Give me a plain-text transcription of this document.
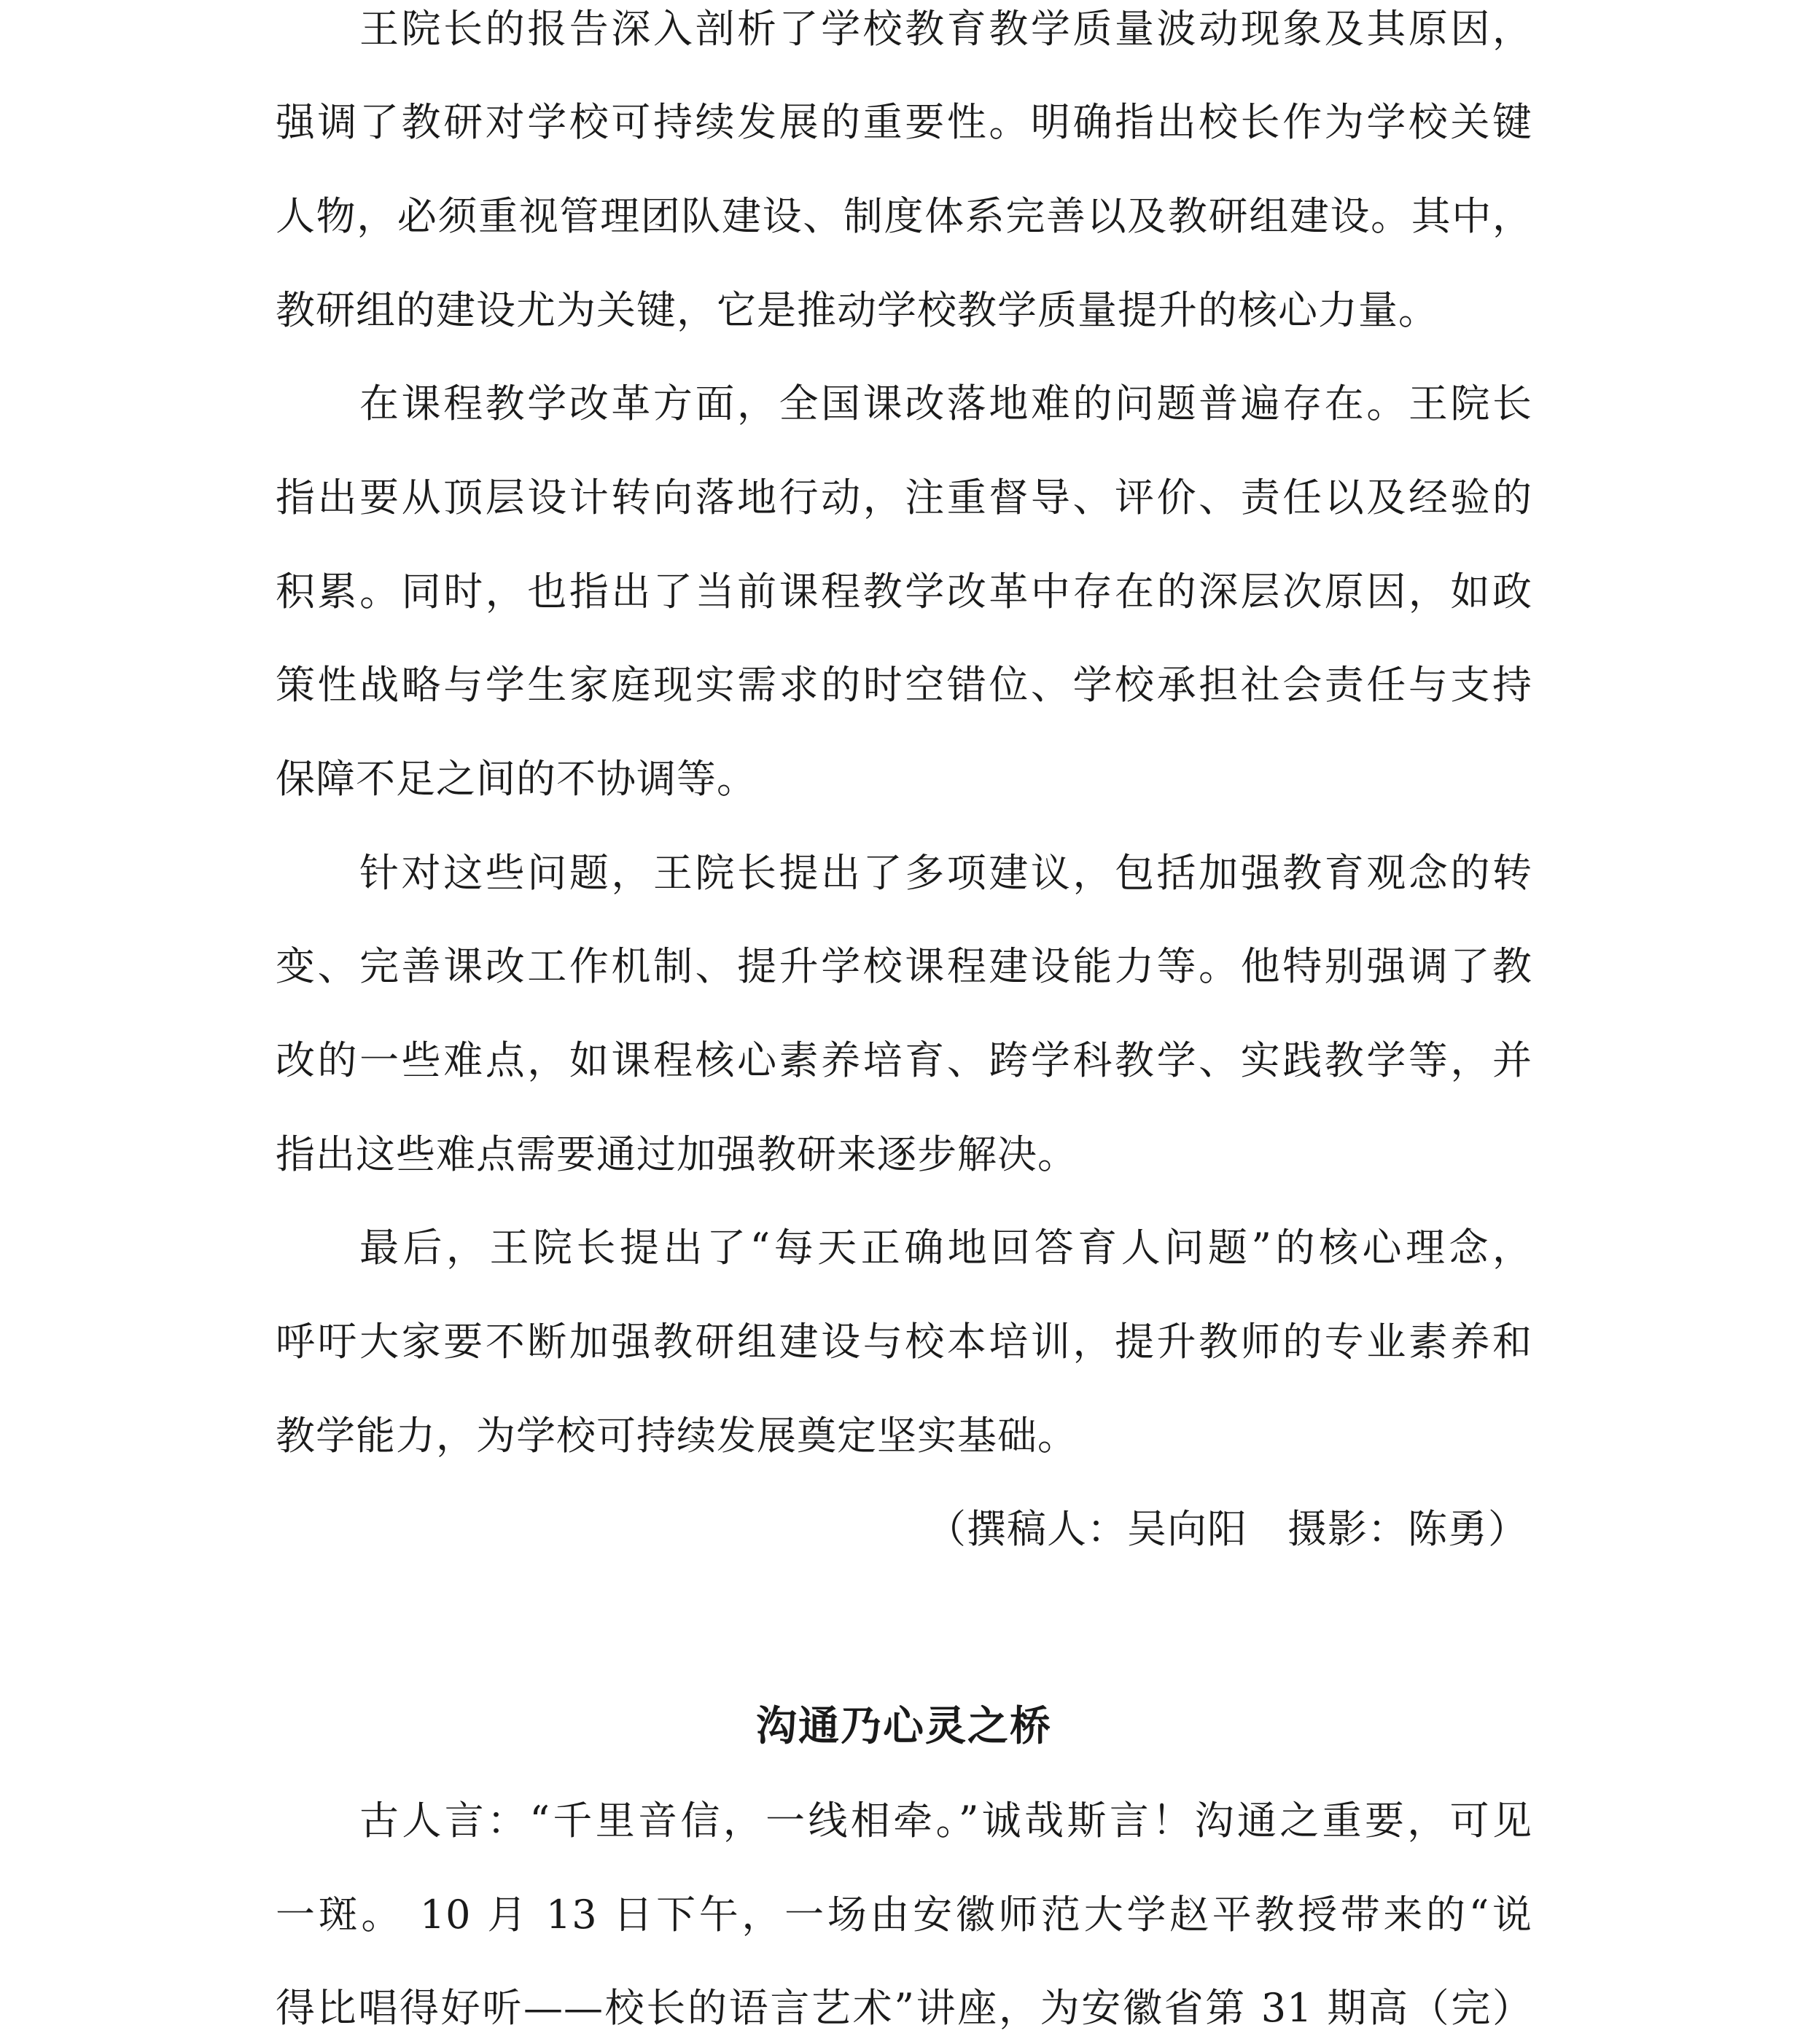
王院长的报告深入剖析了学校教育教学质量波动现象及其原因，
强调了教研对学校可持续发展的重要性。明确指出校长作为学校关键
人物，必须重视管理团队建设、制度体系完善以及教研组建设。其中，
教研组的建设尤为关键，它是推动学校教学质量提升的核心力量。
在课程教学改革方面，全国课改落地难的问题普遍存在。王院长
指出要从顶层设计转向落地行动，注重督导、评价、责任以及经验的
积累。同时，也指出了当前课程教学改革中存在的深层次原因，如政
策性战略与学生家庭现实需求的时空错位、学校承担社会责任与支持
保障不足之间的不协调等。
针对这些问题，王院长提出了多项建议，包括加强教育观念的转
变、完善课改工作机制、提升学校课程建设能力等。他特别强调了教
改的一些难点，如课程核心素养培育、跨学科教学、实践教学等，并
指出这些难点需要通过加强教研来逐步解决。
最后，王院长提出了“每天正确地回答育人问题”的核心理念，
呼吁大家要不断加强教研组建设与校本培训，提升教师的专业素养和
教学能力，为学校可持续发展奠定坚实基础。
（撰稿人：吴向阳　摄影：陈勇）
沟通乃心灵之桥
古人言：“千里音信，一线相牵。”诚哉斯言！沟通之重要，可见
一斑。 10 月 13 日下午，一场由安徽师范大学赵平教授带来的“说
得比唱得好听——校长的语言艺术”讲座，为安徽省第 31 期高（完）
